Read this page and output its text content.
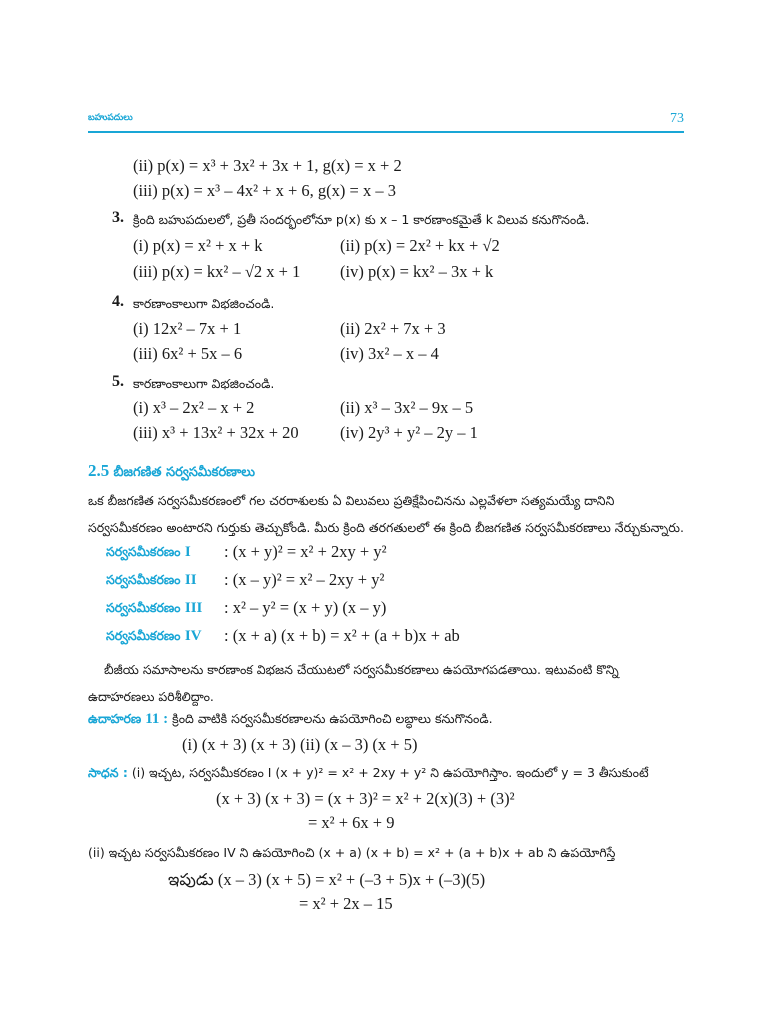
బహుపదులు	73
(ii) p(x) = x³ + 3x² + 3x + 1, g(x) = x + 2
(iii) p(x) = x³ – 4x² + x + 6, g(x) = x – 3
3. క్రింది బహుపదులలో, ప్రతీ సందర్భంలోనూ p(x) కు x – 1 కారణాంకమైతే k విలువ కనుగొనండి.
(i) p(x) = x² + x + k	(ii) p(x) = 2x² + kx + √2
(iii) p(x) = kx² – √2 x + 1 (iv) p(x) = kx² – 3x + k
4. కారణాంకాలుగా విభజించండి.
(i) 12x² – 7x + 1	(ii) 2x² + 7x + 3
(iii) 6x² + 5x – 6	(iv) 3x² – x – 4
5. కారణాంకాలుగా విభజించండి.
(i) x³ – 2x² – x + 2	(ii) x³ – 3x² – 9x – 5
(iii) x³ + 13x² + 32x + 20	(iv) 2y³ + y² – 2y – 1
2.5 బీజగణిత సర్వసమీకరణాలు
ఒక బీజగణిత సర్వసమీకరణంలో గల చరరాశులకు ఏ విలువలు ప్రతిక్షేపించినను ఎల్లవేళలా సత్యమయ్యే దానిని సర్వసమీకరణం అంటారని గుర్తుకు తెచ్చుకోండి. మీరు క్రింది తరగతులలో ఈ క్రింది బీజగణిత సర్వసమీకరణాలు నేర్చుకున్నారు.
సర్వసమీకరణం I : (x + y)² = x² + 2xy + y²
సర్వసమీకరణం II : (x – y)² = x² – 2xy + y²
సర్వసమీకరణం III : x² – y² = (x + y) (x – y)
సర్వసమీకరణం IV : (x + a) (x + b) = x² + (a + b)x + ab
బీజీయ సమాసాలను కారణాంక విభజన చేయుటలో సర్వసమీకరణాలు ఉపయోగపడతాయి. ఇటువంటి కొన్ని ఉదాహరణలు పరిశీలిద్దాం.
ఉదాహరణ 11 : క్రింది వాటికి సర్వసమీకరణాలను ఉపయోగించి లబ్ధాలు కనుగొనండి.
(i) (x + 3) (x + 3) (ii) (x – 3) (x + 5)
సాధన : (i) ఇచ్చట, సర్వసమీకరణం I (x + y)² = x² + 2xy + y² ని ఉపయోగిస్తాం. ఇందులో y = 3 తీసుకుంటే
(x + 3) (x + 3) = (x + 3)² = x² + 2(x)(3) + (3)²
= x² + 6x + 9
(ii) ఇచ్చట సర్వసమీకరణం IV ని ఉపయోగించి (x + a) (x + b) = x² + (a + b)x + ab ని ఉపయోగిస్తే
ఇపుడు (x – 3) (x + 5) = x² + (–3 + 5)x + (–3)(5)
= x² + 2x – 15
